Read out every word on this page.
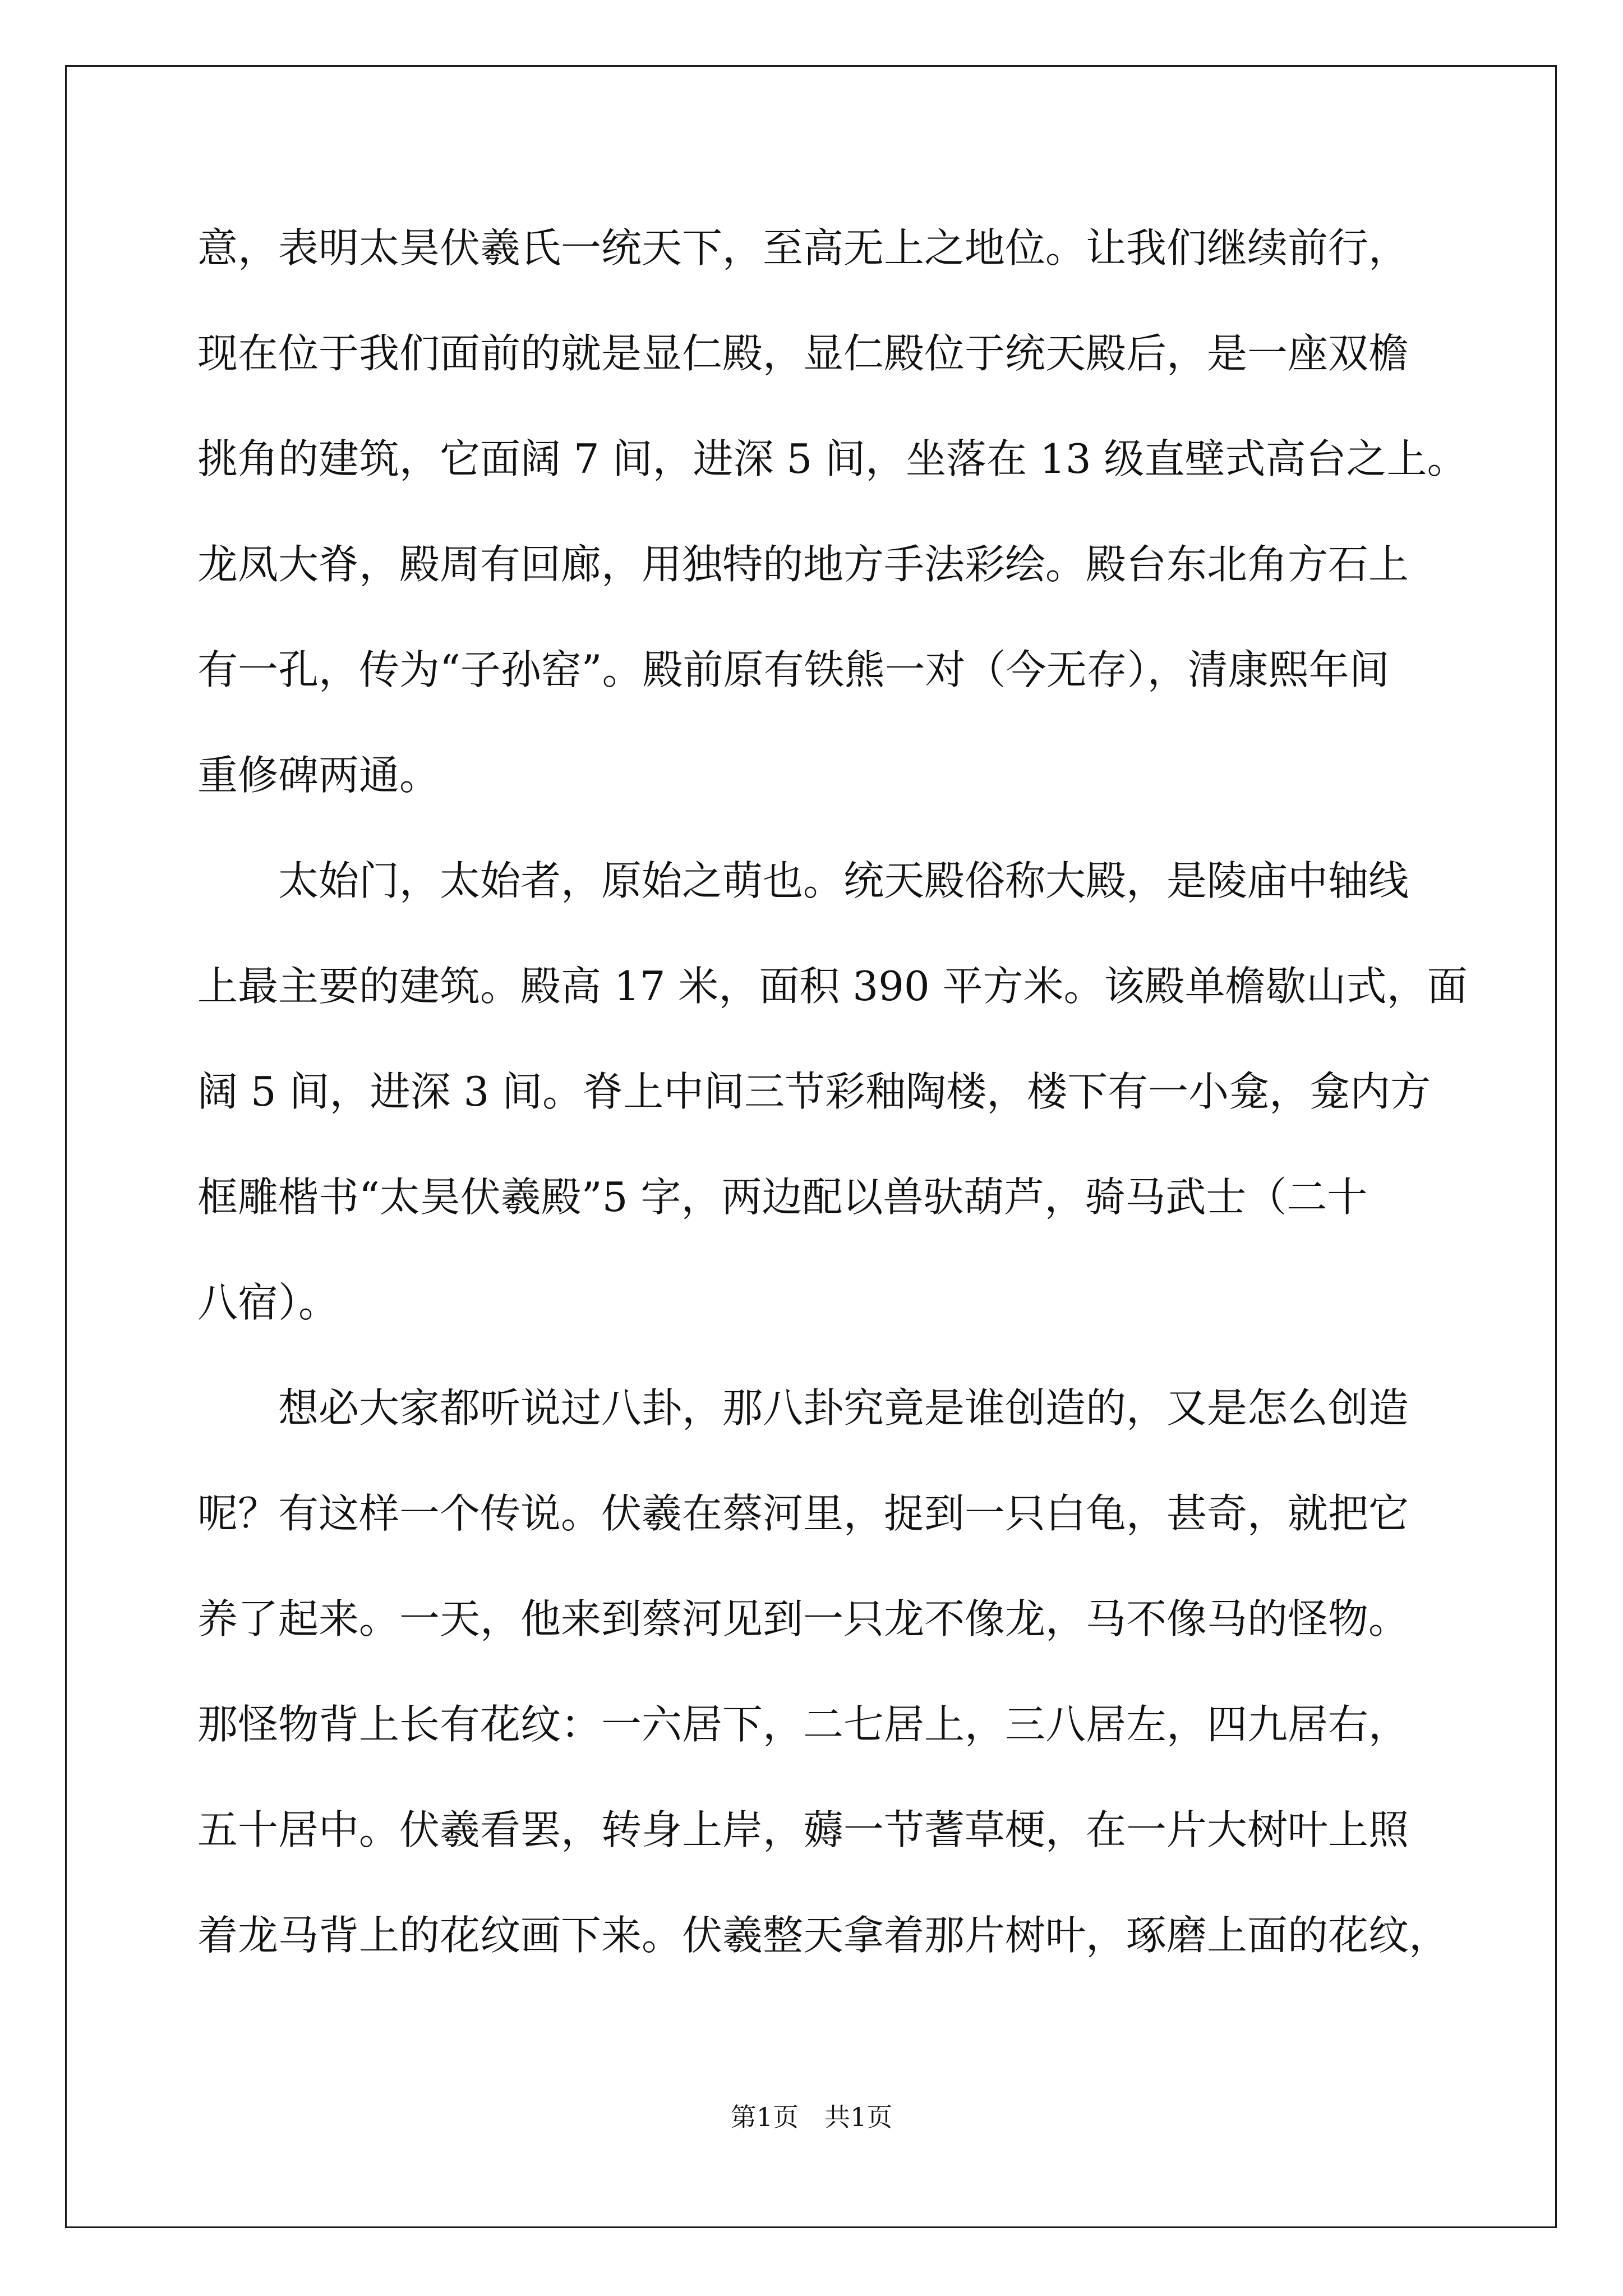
意，表明太昊伏羲氏一统天下，至高无上之地位。让我们继续前行，
现在位于我们面前的就是显仁殿，显仁殿位于统天殿后，是一座双檐
挑角的建筑，它面阔 7 间，进深 5 间，坐落在 13 级直壁式高台之上。
龙凤大脊，殿周有回廊，用独特的地方手法彩绘。殿台东北角方石上
有一孔，传为“子孙窑”。殿前原有铁熊一对（今无存），清康熙年间
重修碑两通。
　　太始门，太始者，原始之萌也。统天殿俗称大殿，是陵庙中轴线
上最主要的建筑。殿高 17 米，面积 390 平方米。该殿单檐歇山式，面
阔 5 间，进深 3 间。脊上中间三节彩釉陶楼，楼下有一小龛，龛内方
框雕楷书“太昊伏羲殿”5 字，两边配以兽驮葫芦，骑马武士（二十
八宿）。
　　想必大家都听说过八卦，那八卦究竟是谁创造的，又是怎么创造
呢？有这样一个传说。伏羲在蔡河里，捉到一只白龟，甚奇，就把它
养了起来。一天，他来到蔡河见到一只龙不像龙，马不像马的怪物。
那怪物背上长有花纹：一六居下，二七居上，三八居左，四九居右，
五十居中。伏羲看罢，转身上岸，薅一节蓍草梗，在一片大树叶上照
着龙马背上的花纹画下来。伏羲整天拿着那片树叶，琢磨上面的花纹，
第1页　共1页
